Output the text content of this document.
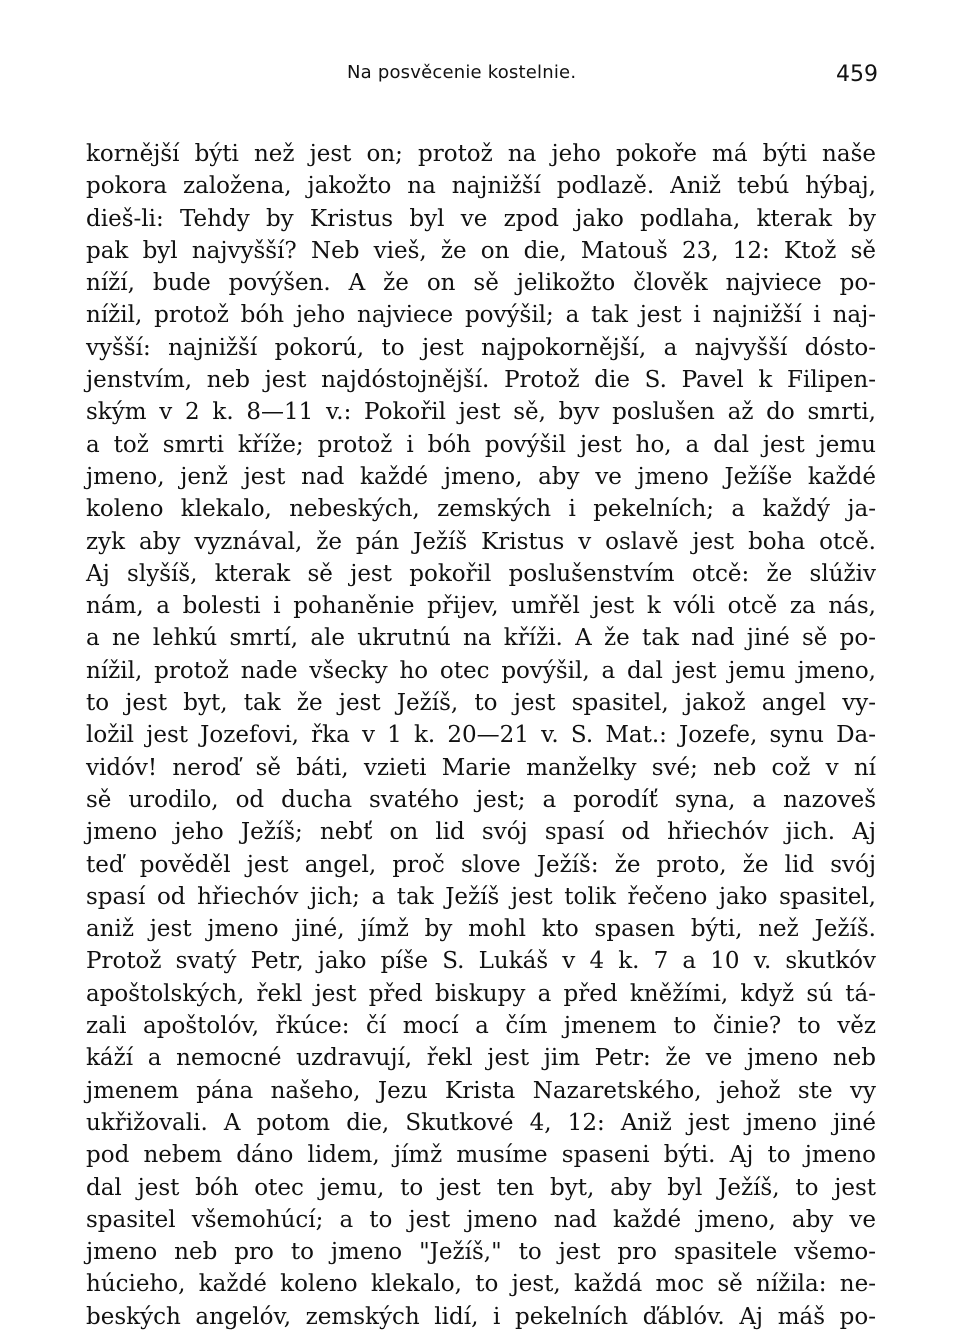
Na posvěcenie kostelnie.	459
kornější býti než jest on; protož na jeho pokoře má býti naše
pokora založena, jakožto na najnižší podlazě. Aniž tebú hýbaj,
dieš-li: Tehdy by Kristus byl ve zpod jako podlaha, kterak by
pak byl najvyšší? Neb vieš, že on die, Matouš 23, 12: Ktož sě
níží, bude povýšen. A že on sě jelikožto člověk najviece po-
nížil, protož bóh jeho najviece povýšil; a tak jest i najnižší i naj-
vyšší: najnižší pokorú, to jest najpokornější, a najvyšší dósto-
jenstvím, neb jest najdóstojnější. Protož die S. Pavel k Filipen-
ským v 2 k. 8—11 v.: Pokořil jest sě, byv poslušen až do smrti,
a tož smrti kříže; protož i bóh povýšil jest ho, a dal jest jemu
jmeno, jenž jest nad každé jmeno, aby ve jmeno Ježíše každé
koleno klekalo, nebeských, zemských i pekelních; a každý ja-
zyk aby vyznával, že pán Ježíš Kristus v oslavě jest boha otcě.
Aj slyšíš, kterak sě jest pokořil poslušenstvím otcě: že slúživ
nám, a bolesti i pohaněnie přijev, umřěl jest k vóli otcě za nás,
a ne lehkú smrtí, ale ukrutnú na kříži. A že tak nad jiné sě po-
nížil, protož nade všecky ho otec povýšil, a dal jest jemu jmeno,
to jest byt, tak že jest Ježíš, to jest spasitel, jakož angel vy-
ložil jest Jozefovi, řka v 1 k. 20—21 v. S. Mat.: Jozefe, synu Da-
vidóv! neroď sě báti, vzieti Marie manželky své; neb což v ní
sě urodilo, od ducha svatého jest; a porodíť syna, a nazoveš
jmeno jeho Ježíš; nebť on lid svój spasí od hřiechóv jich. Aj
teď pověděl jest angel, proč slove Ježíš: že proto, že lid svój
spasí od hřiechóv jich; a tak Ježíš jest tolik řečeno jako spasitel,
aniž jest jmeno jiné, jímž by mohl kto spasen býti, než Ježíš.
Protož svatý Petr, jako píše S. Lukáš v 4 k. 7 a 10 v. skutkóv
apoštolských, řekl jest před biskupy a před kněžími, když sú tá-
zali apoštolóv, řkúce: čí mocí a čím jmenem to činie? to věz
káží a nemocné uzdravují, řekl jest jim Petr: že ve jmeno neb
jmenem pána našeho, Jezu Krista Nazaretského, jehož ste vy
ukřižovali. A potom die, Skutkové 4, 12: Aniž jest jmeno jiné
pod nebem dáno lidem, jímž musíme spaseni býti. Aj to jmeno
dal jest bóh otec jemu, to jest ten byt, aby byl Ježíš, to jest
spasitel všemohúcí; a to jest jmeno nad každé jmeno, aby ve
jmeno neb pro to jmeno "Ježíš," to jest pro spasitele všemo-
húcieho, každé koleno klekalo, to jest, každá moc sě nížila: ne-
beských angelóv, zemských lidí, i pekelních ďáblóv. Aj máš po-
